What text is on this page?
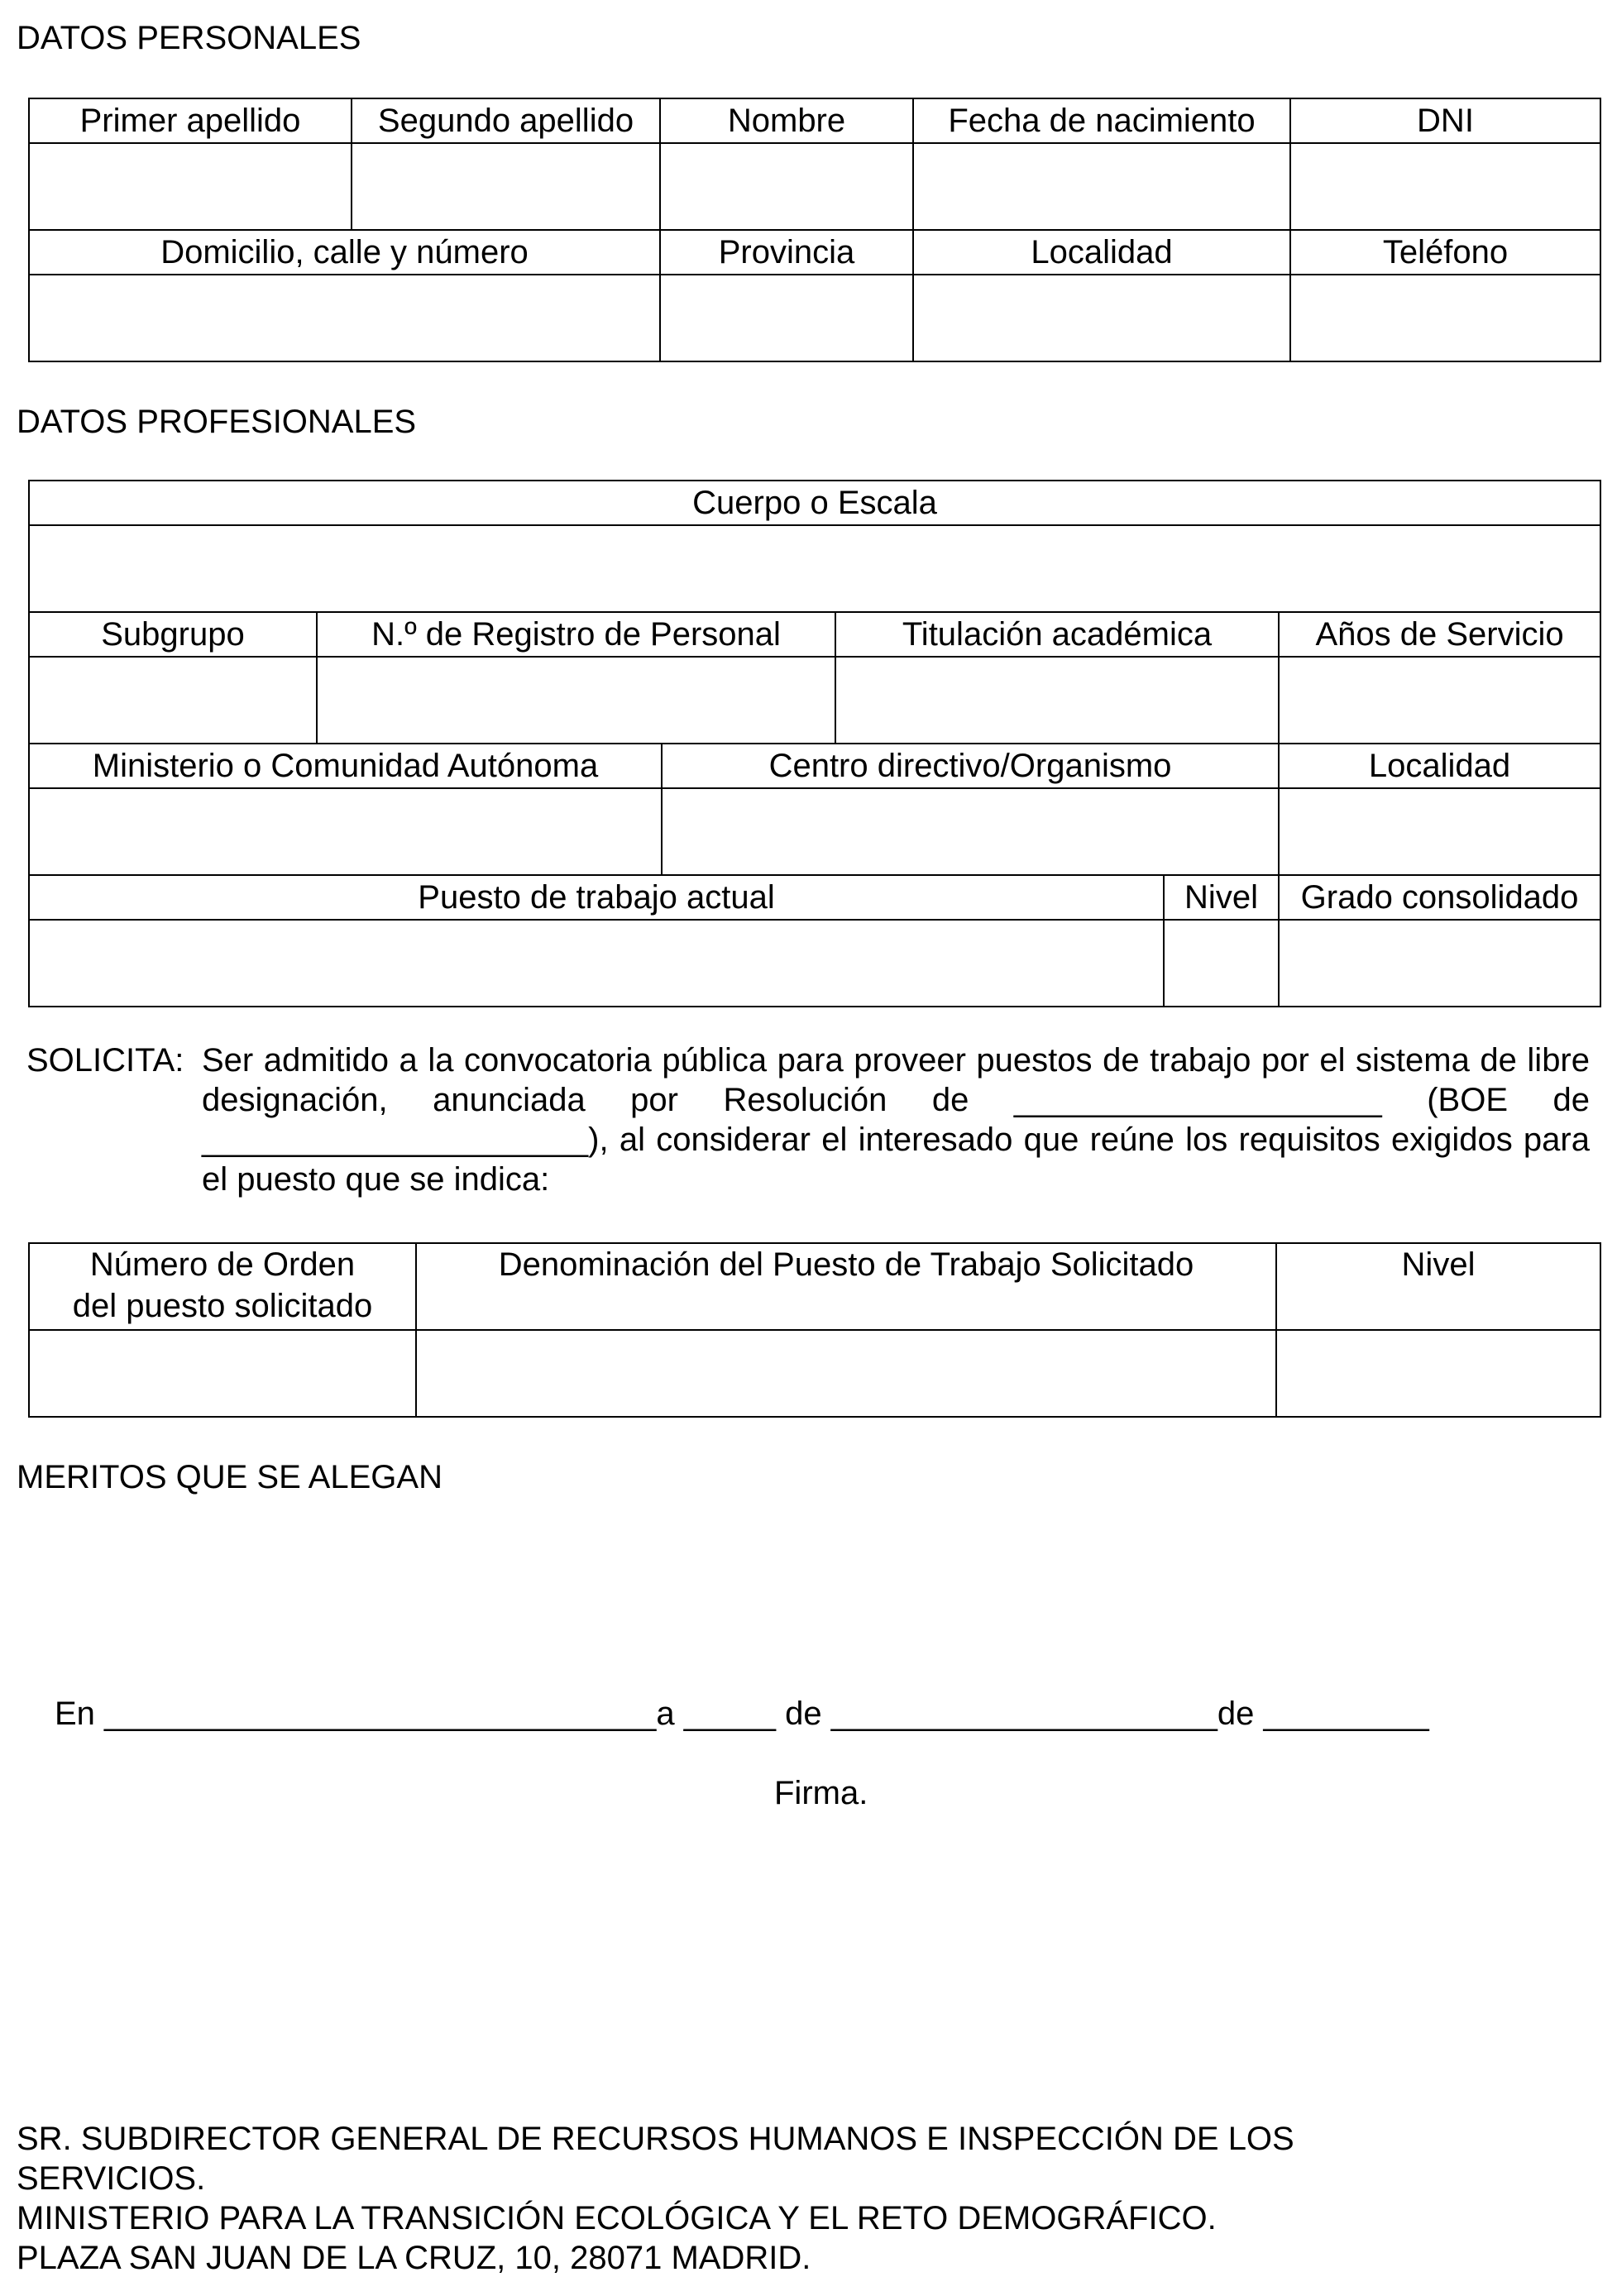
DATOS PERSONALES
Primer apellido	Segundo apellido	Nombre	Fecha de nacimiento	DNI

Domicilio, calle y número		Provincia	Localidad	Teléfono

DATOS PROFESIONALES
Cuerpo o Escala					

Subgrupo	N.º de Registro de Personal		Titulación académica		Años de Servicio

Ministerio o Comunidad Autónoma		Centro directivo/Organismo			Localidad

Puesto de trabajo actual				Nivel	Grado consolidado

SOLICITA: Ser admitido a la convocatoria pública para proveer puestos de trabajo por el sistema de libre designación, anunciada por Resolución de ____________________ (BOE de _____________________), al considerar el interesado que reúne los requisitos exigidos para el puesto que se indica:
Número de Orden
del puesto solicitado	Denominación del Puesto de Trabajo Solicitado	Nivel

MERITOS QUE SE ALEGAN
En ______________________________a _____ de _____________________de _________
Firma.
SR. SUBDIRECTOR GENERAL DE RECURSOS HUMANOS E INSPECCIÓN DE LOS
SERVICIOS.
MINISTERIO PARA LA TRANSICIÓN ECOLÓGICA Y EL RETO DEMOGRÁFICO.
PLAZA SAN JUAN DE LA CRUZ, 10, 28071 MADRID.
